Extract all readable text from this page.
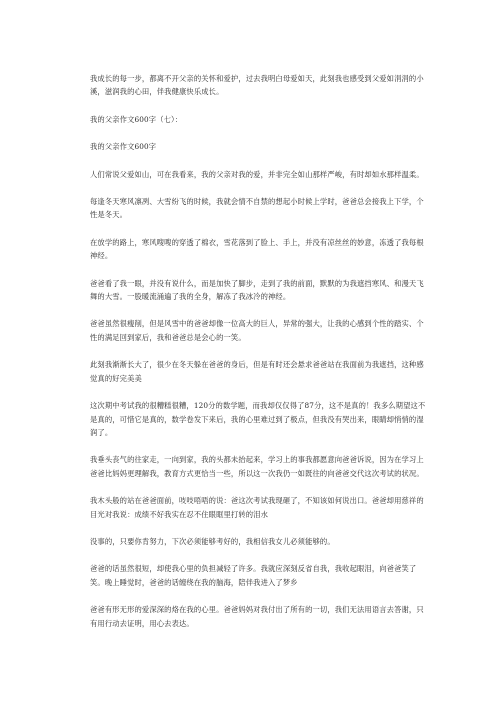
我成长的每一步，都离不开父亲的关怀和爱护，过去我明白母爱如天，此刻我也感受到父爱如涓涓的小溪，滋润我的心田，伴我健康快乐成长。

我的父亲作文600字（七）：

我的父亲作文600字

人们常说父爱如山，可在我看来，我的父亲对我的爱，并非完全如山那样严峻，有时却如水那样温柔。

每逢冬天寒风凛冽、大雪纷飞的时候，我就会情不自禁的想起小时候上学时，爸爸总会接我上下学，个性是冬天。

在放学的路上，寒风嗖嗖的穿透了棉衣，雪花落到了脸上、手上，并没有凉丝丝的妙意，冻透了我每根神经。

爸爸看了我一眼，并没有说什么，而是加快了脚步，走到了我的前面，默默的为我遮挡寒风、和漫天飞舞的大雪。一股暖流涌遍了我的全身，解冻了我冰冷的神经。

爸爸虽然很瘦削，但是风雪中的爸爸却像一位高大的巨人，异常的强大，让我的心感到个性的踏实、个性的满足回到家后，我和爸爸总是会心的一笑。

此刻我渐渐长大了，很少在冬天躲在爸爸的身后，但是有时还会悬求爸爸站在我面前为我遮挡，这种感觉真的好完美美

这次期中考试我的很糟糕很糟，120分的数学题，而我却仅仅得了87分，这不是真的！我多么期望这不是真的，可惜它是真的，数学卷发下来后，我的心里难过到了极点，但我没有哭出来，眼睛却悄悄的湿润了。

我垂头丧气的往家走，一向到家，我的头都未抬起来，学习上的事我都愿意向爸爸诉说，因为在学习上爸爸比妈妈更理解我，教育方式更恰当一些，所以这一次我仍一如既往的向爸爸交代这次考试的状况。

我木头般的站在爸爸面前，吱吱唔唔的说：爸这次考试我现砸了，不知该如何说出口。爸爸却用慈祥的目光对我说：成绩不好我实在忍不住眼眶里打转的泪水

没事的，只要你肯努力，下次必须能够考好的，我相信我女儿必须能够的。

爸爸的话虽然很短，却使我心里的负担减轻了许多。我就应深刻反省自我，我收起眼泪，向爸爸笑了笑。晚上睡觉时，爸爸的话缠绕在我的脑海，陪伴我进入了梦乡

爸爸有形无形的爱深深的烙在我的心里。爸爸妈妈对我付出了所有的一切，我们无法用语言去答谢，只有用行动去证明，用心去表达。
